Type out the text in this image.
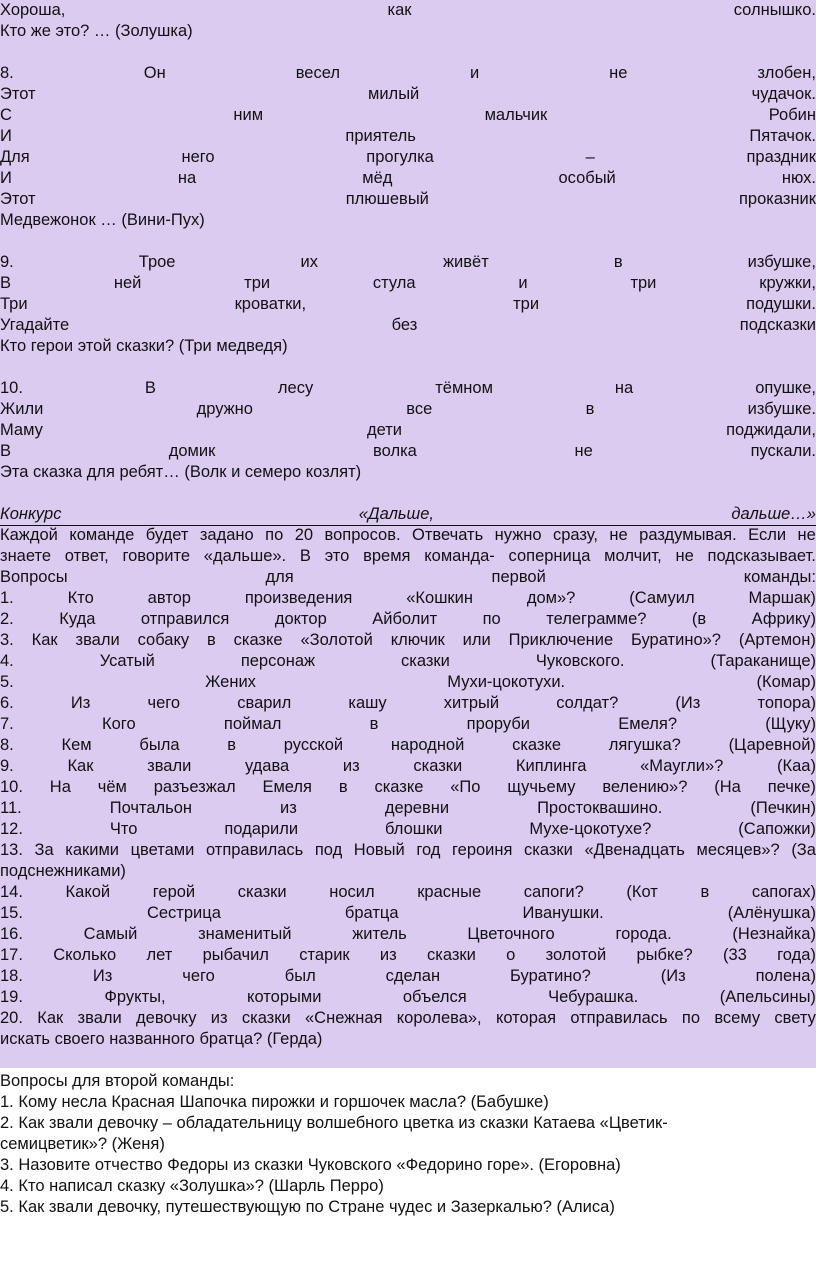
Хороша,	как	солнышко.
Кто же это? … (Золушка)
8.	Он	весел	и	не	злобен,
Этот	милый	чудачок.
С	ним	мальчик	Робин
И	приятель	Пятачок.
Для	него	прогулка	–	праздник
И	на	мёд	особый	нюх.
Этот	плюшевый	проказник
Медвежонок … (Вини-Пух)
9.	Трое	их	живёт	в	избушке,
В	ней	три	стула	и	три	кружки,
Три	кроватки,	три	подушки.
Угадайте	без	подсказки
Кто герои этой сказки? (Три медведя)
10.	В	лесу	тёмном	на	опушке,
Жили	дружно	все	в	избушке.
Маму	дети	поджидали,
В	домик	волка	не	пускали.
Эта сказка для ребят… (Волк и семеро козлят)
Конкурс	«Дальше,	дальше…»
Каждой команде будет задано по 20 вопросов. Отвечать нужно сразу, не раздумывая. Если не
знаете ответ, говорите «дальше». В это время команда- соперница молчит, не подсказывает.
Вопросы	для	первой	команды:
1.	Кто	автор	произведения	«Кошкин	дом»?	(Самуил	Маршак)
2.	Куда	отправился	доктор	Айболит	по	телеграмме?	(в	Африку)
3. Как звали собаку в сказке «Золотой ключик или Приключение Буратино»? (Артемон)
4.	Усатый	персонаж	сказки	Чуковского.	(Тараканище)
5.	Жених	Мухи-цокотухи.	(Комар)
6.	Из	чего	сварил	кашу	хитрый	солдат?	(Из	топора)
7.	Кого	поймал	в	проруби	Емеля?	(Щуку)
8.	Кем	была	в	русской	народной	сказке	лягушка?	(Царевной)
9.	Как	звали	удава	из	сказки	Киплинга	«Маугли»?	(Каа)
10. На чём разъезжал Емеля в сказке «По щучьему велению»? (На печке)
11.	Почтальон	из	деревни	Простоквашино.	(Печкин)
12.	Что	подарили	блошки	Мухе-цокотухе?	(Сапожки)
13. За какими цветами отправилась под Новый год героиня сказки «Двенадцать месяцев»? (За
подснежниками)
14.	Какой	герой	сказки	носил	красные	сапоги?	(Кот	в	сапогах)
15.	Сестрица	братца	Иванушки.	(Алёнушка)
16.	Самый	знаменитый	житель	Цветочного	города.	(Незнайка)
17. Сколько лет рыбачил старик из сказки о золотой рыбке? (33 года)
18.	Из	чего	был	сделан	Буратино?	(Из	полена)
19.	Фрукты,	которыми	объелся	Чебурашка.	(Апельсины)
20. Как звали девочку из сказки «Снежная королева», которая отправилась по всему свету
искать своего названного братца? (Герда)
Вопросы для второй команды:
1. Кому несла Красная Шапочка пирожки и горшочек масла? (Бабушке)
2. Как звали девочку – обладательницу волшебного цветка из сказки Катаева «Цветик-
семицветик»? (Женя)
3. Назовите отчество Федоры из сказки Чуковского «Федорино горе». (Егоровна)
4. Кто написал сказку «Золушка»? (Шарль Перро)
5. Как звали девочку, путешествующую по Стране чудес и Зазеркалью? (Алиса)
